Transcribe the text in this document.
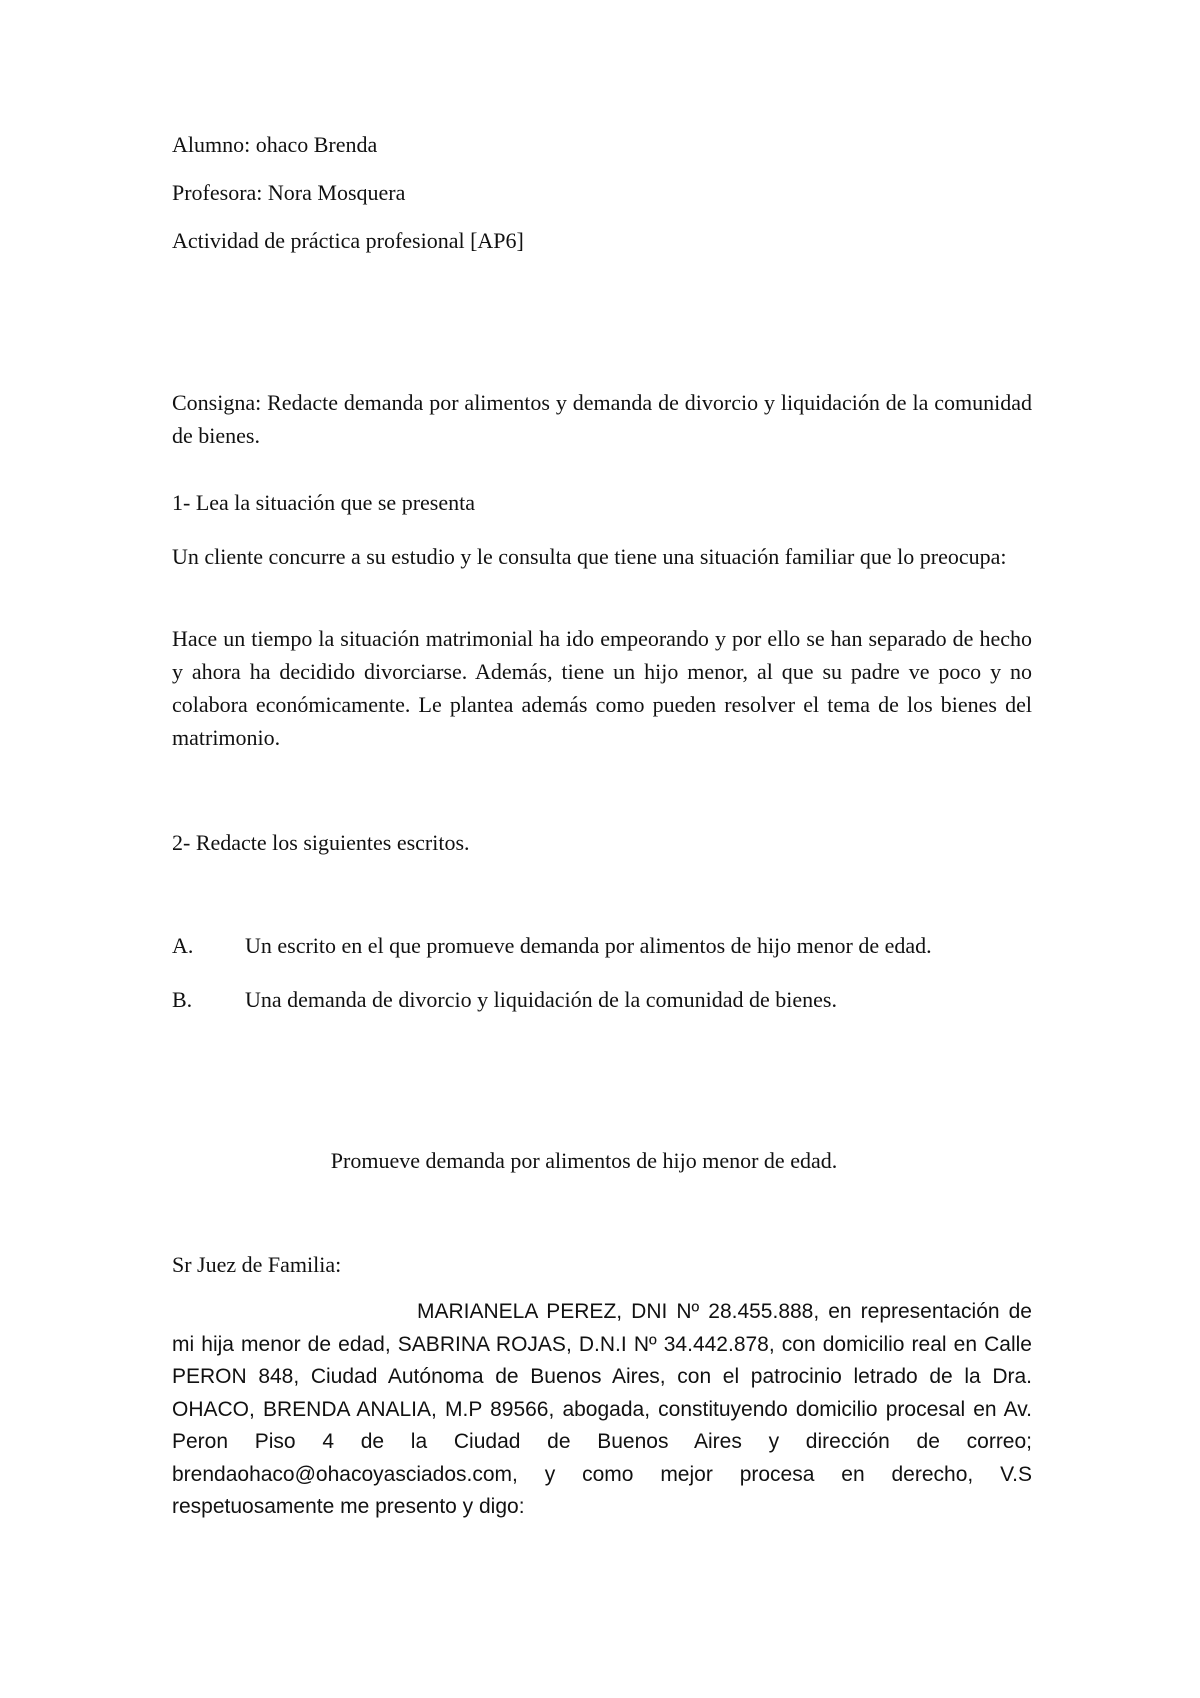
Alumno: ohaco Brenda
Profesora: Nora Mosquera
Actividad de práctica profesional [AP6]

Consigna: Redacte demanda por alimentos y demanda de divorcio y liquidación de la comunidad de bienes.

1- Lea la situación que se presenta

Un cliente concurre a su estudio y le consulta que tiene una situación familiar que lo preocupa:

Hace un tiempo la situación matrimonial ha ido empeorando y por ello se han separado de hecho y ahora ha decidido divorciarse. Además, tiene un hijo menor, al que su padre ve poco y no colabora económicamente. Le plantea además como pueden resolver el tema de los bienes del matrimonio.

2- Redacte los siguientes escritos.
A. Un escrito en el que promueve demanda por alimentos de hijo menor de edad.
B. Una demanda de divorcio y liquidación de la comunidad de bienes.
Promueve demanda por alimentos de hijo menor de edad.
Sr Juez de Familia:

MARIANELA PEREZ, DNI Nº 28.455.888, en representación de mi hija menor de edad, SABRINA ROJAS, D.N.I Nº 34.442.878, con domicilio real en Calle PERON 848, Ciudad Autónoma de Buenos Aires, con el patrocinio letrado de la Dra. OHACO, BRENDA ANALIA, M.P 89566, abogada, constituyendo domicilio procesal en Av. Peron Piso 4 de la Ciudad de Buenos Aires y dirección de correo; brendaohaco@ohacoyasciados.com, y como mejor procesa en derecho, V.S respetuosamente me presento y digo:
